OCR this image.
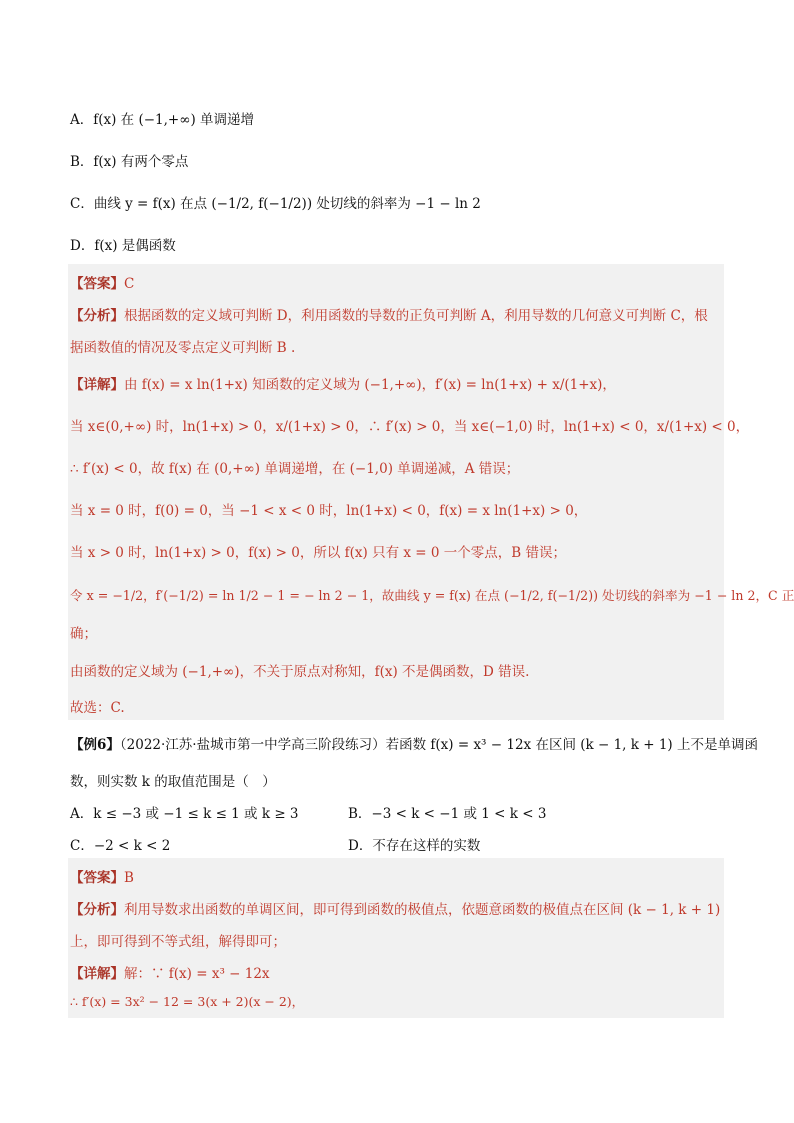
A．f(x) 在 (−1,+∞) 单调递增
B．f(x) 有两个零点
C．曲线 y = f(x) 在点 (−1/2, f(−1/2)) 处切线的斜率为 −1 − ln 2
D．f(x) 是偶函数
【答案】C
【分析】根据函数的定义域可判断 D，利用函数的导数的正负可判断 A，利用导数的几何意义可判断 C，根
据函数值的情况及零点定义可判断 B .
【详解】由 f(x) = x ln(1+x) 知函数的定义域为 (−1,+∞)，f′(x) = ln(1+x) + x/(1+x)，
当 x∈(0,+∞) 时，ln(1+x) > 0，x/(1+x) > 0，∴ f′(x) > 0，当 x∈(−1,0) 时，ln(1+x) < 0，x/(1+x) < 0，
∴ f′(x) < 0，故 f(x) 在 (0,+∞) 单调递增，在 (−1,0) 单调递减，A 错误；
当 x = 0 时，f(0) = 0，当 −1 < x < 0 时，ln(1+x) < 0，f(x) = x ln(1+x) > 0，
当 x > 0 时，ln(1+x) > 0，f(x) > 0，所以 f(x) 只有 x = 0 一个零点，B 错误；
令 x = −1/2，f′(−1/2) = ln 1/2 − 1 = − ln 2 − 1，故曲线 y = f(x) 在点 (−1/2, f(−1/2)) 处切线的斜率为 −1 − ln 2，C 正
确；
由函数的定义域为 (−1,+∞)，不关于原点对称知，f(x) 不是偶函数，D 错误.
故选：C.
【例6】（2022·江苏·盐城市第一中学高三阶段练习）若函数 f(x) = x³ − 12x 在区间 (k − 1, k + 1) 上不是单调函
数，则实数 k 的取值范围是（　）
A．k ≤ −3 或 −1 ≤ k ≤ 1 或 k ≥ 3	B．−3 < k < −1 或 1 < k < 3
C．−2 < k < 2	D．不存在这样的实数
【答案】B
【分析】利用导数求出函数的单调区间，即可得到函数的极值点，依题意函数的极值点在区间 (k − 1, k + 1)
上，即可得到不等式组，解得即可；
【详解】解：∵ f(x) = x³ − 12x
∴ f′(x) = 3x² − 12 = 3(x + 2)(x − 2)，
